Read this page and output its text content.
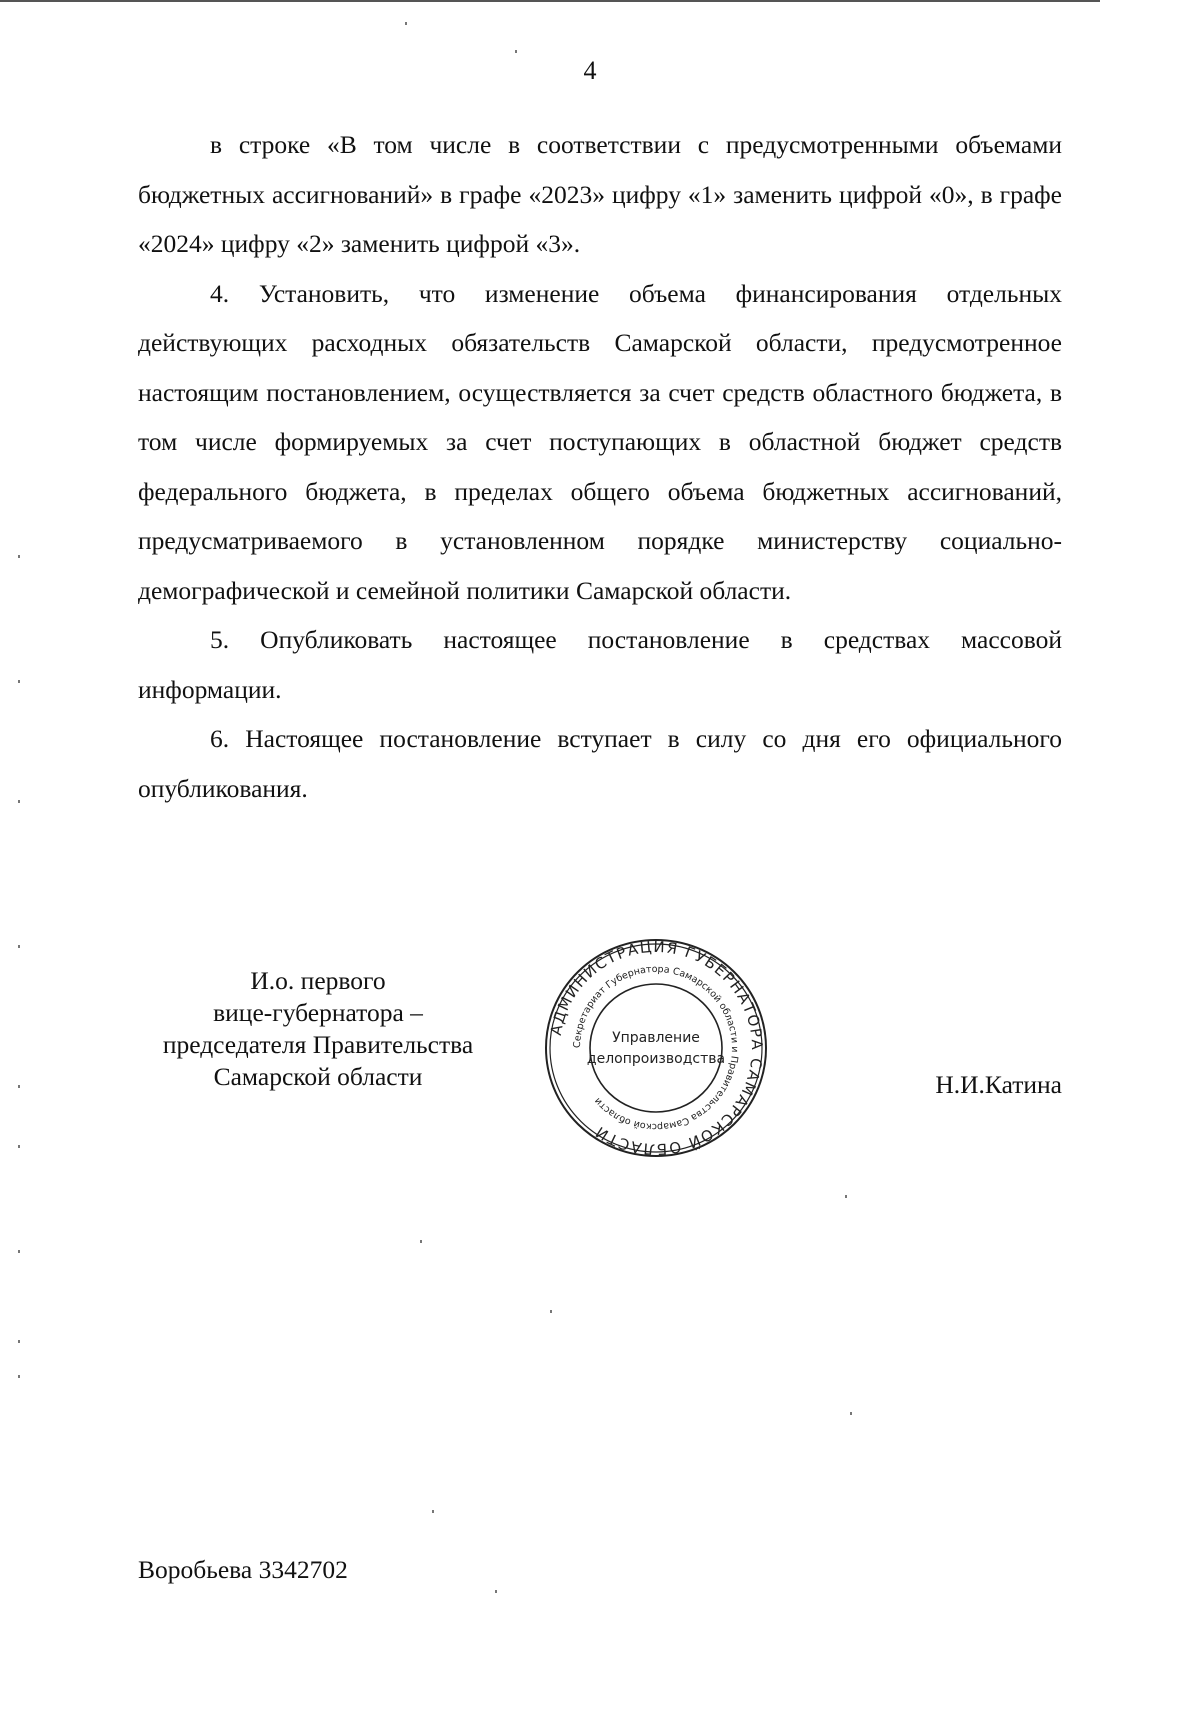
4

в строке «В том числе в соответствии с предусмотренными объемами бюджетных ассигнований» в графе «2023» цифру «1» заменить цифрой «0», в графе «2024» цифру «2» заменить цифрой «3».

4. Установить, что изменение объема финансирования отдельных действующих расходных обязательств Самарской области, предусмотренное настоящим постановлением, осуществляется за счет средств областного бюджета, в том числе формируемых за счет поступающих в областной бюджет средств федерального бюджета, в пределах общего объема бюджетных ассигнований, предусматриваемого в установленном порядке министерству социально-демографической и семейной политики Самарской области.

5. Опубликовать настоящее постановление в средствах массовой информации.

6. Настоящее постановление вступает в силу со дня его официального опубликования.

И.о. первого
вице-губернатора –
председателя Правительства
Самарской области
АДМИНИСТРАЦИЯ ГУБЕРНАТОРА САМАРСКОЙ ОБЛАСТИ
Секретариат Губернатора Самарской области и Правительства Самарской области
Управление
делопроизводства
Н.И.Катина
Воробьева 3342702
